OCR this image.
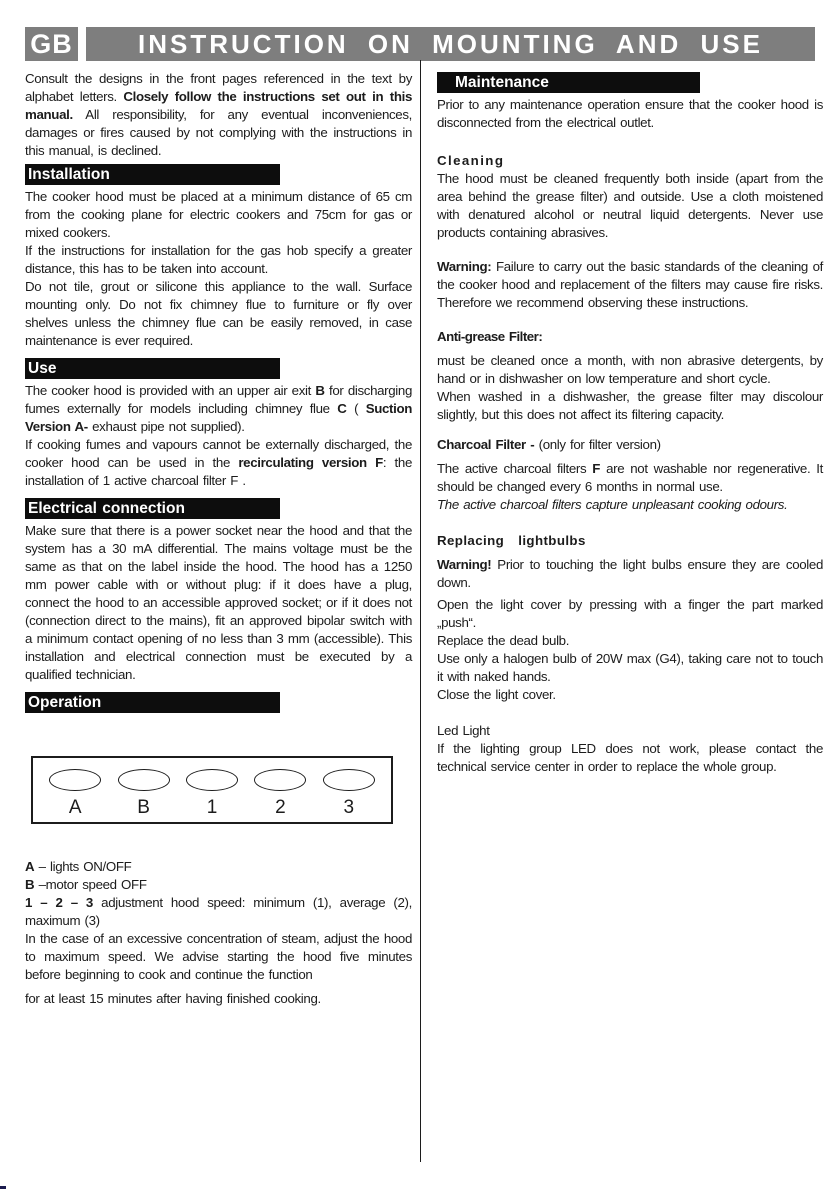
GB	INSTRUCTION ON MOUNTING AND USE

Consult the designs in the front pages referenced in the text by alphabet letters. Closely follow the instructions set out in this manual. All responsibility, for any eventual inconveniences, damages or fires caused by not complying with the instructions in this manual, is declined.

Installation

The cooker hood must be placed at a minimum distance of 65 cm from the cooking plane for electric cookers and 75cm for gas or mixed cookers.

If the instructions for installation for the gas hob specify a greater distance, this has to be taken into account.

Do not tile, grout or silicone this appliance to the wall. Surface mounting only. Do not fix chimney flue to furniture or fly over shelves unless the chimney flue can be easily removed, in case maintenance is ever required.

Use

The cooker hood is provided with an upper air exit B for discharging fumes externally for models including chimney flue C ( Suction Version A- exhaust pipe not supplied).

If cooking fumes and vapours cannot be externally discharged, the cooker hood can be used in the recirculating version F: the installation of 1 active charcoal filter F .

Electrical connection

Make sure that there is a power socket near the hood and that the system has a 30 mA differential. The mains voltage must be the same as that on the label inside the hood. The hood has a 1250 mm power cable with or without plug: if it does have a plug, connect the hood to an accessible approved socket; or if it does not (connection direct to the mains), fit an approved bipolar switch with a minimum contact opening of no less than 3 mm (accessible). This installation and electrical connection must be executed by a qualified technician.

Operation
A	B	1	2	3

A – lights ON/OFF

B –motor speed OFF

1 – 2 – 3 adjustment hood speed: minimum (1), average (2), maximum (3)

In the case of an excessive concentration of steam, adjust the hood to maximum speed. We advise starting the hood five minutes before beginning to cook and continue the function

for at least 15 minutes after having finished cooking.

Maintenance

Prior to any maintenance operation ensure that the cooker hood is disconnected from the electrical outlet.

Cleaning

The hood must be cleaned frequently both inside (apart from the area behind the grease filter) and outside. Use a cloth moistened with denatured alcohol or neutral liquid detergents. Never use products containing abrasives.

Warning: Failure to carry out the basic standards of the cleaning of the cooker hood and replacement of the filters may cause fire risks. Therefore we recommend observing these instructions.

Anti-grease Filter:

must be cleaned once a month, with non abrasive detergents, by hand or in dishwasher on low temperature and short cycle.

When washed in a dishwasher, the grease filter may discolour slightly, but this does not affect its filtering capacity.

Charcoal Filter - (only for filter version)

The active charcoal filters F are not washable nor regenerative. It should be changed every 6 months in normal use.

The active charcoal filters capture unpleasant cooking odours.

Replacing lightbulbs

Warning! Prior to touching the light bulbs ensure they are cooled down.

Open the light cover by pressing with a finger the part marked „push“.

Replace the dead bulb.

Use only a halogen bulb of 20W max (G4), taking care not to touch it with naked hands.

Close the light cover.

Led Light

If the lighting group LED does not work, please contact the technical service center in order to replace the whole group.
